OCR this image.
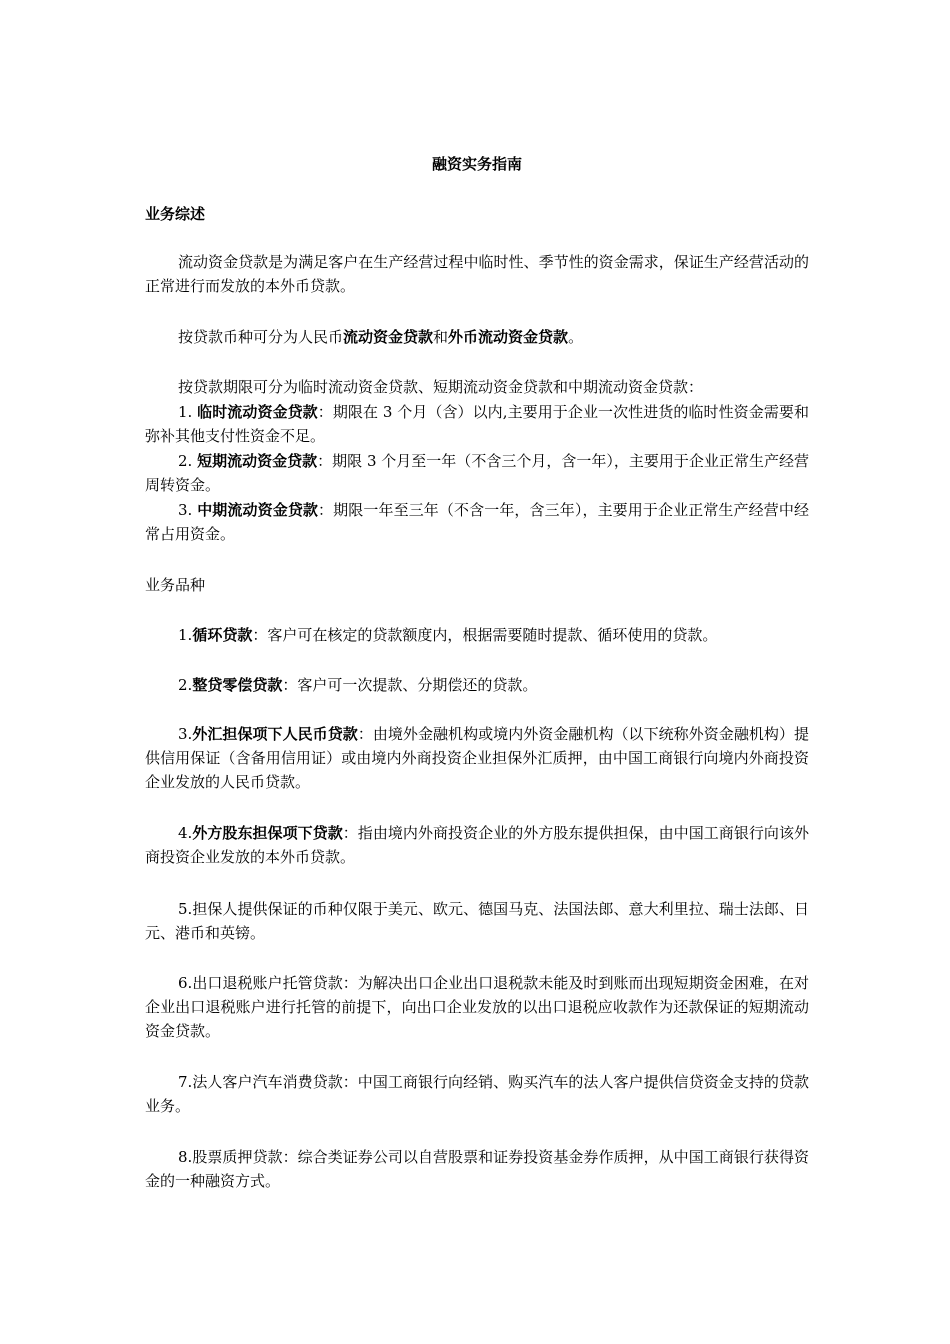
融资实务指南
业务综述
流动资金贷款是为满足客户在生产经营过程中临时性、季节性的资金需求，保证生产经营活动的正常进行而发放的本外币贷款。
按贷款币种可分为人民币流动资金贷款和外币流动资金贷款。
按贷款期限可分为临时流动资金贷款、短期流动资金贷款和中期流动资金贷款：
1. 临时流动资金贷款：期限在 3 个月（含）以内,主要用于企业一次性进货的临时性资金需要和弥补其他支付性资金不足。
2. 短期流动资金贷款：期限 3 个月至一年（不含三个月，含一年），主要用于企业正常生产经营周转资金。
3. 中期流动资金贷款：期限一年至三年（不含一年，含三年），主要用于企业正常生产经营中经常占用资金。
业务品种
1.循环贷款：客户可在核定的贷款额度内，根据需要随时提款、循环使用的贷款。
2.整贷零偿贷款：客户可一次提款、分期偿还的贷款。
3.外汇担保项下人民币贷款：由境外金融机构或境内外资金融机构（以下统称外资金融机构）提供信用保证（含备用信用证）或由境内外商投资企业担保外汇质押，由中国工商银行向境内外商投资企业发放的人民币贷款。
4.外方股东担保项下贷款：指由境内外商投资企业的外方股东提供担保，由中国工商银行向该外商投资企业发放的本外币贷款。
5.担保人提供保证的币种仅限于美元、欧元、德国马克、法国法郎、意大利里拉、瑞士法郎、日元、港币和英镑。
6.出口退税账户托管贷款：为解决出口企业出口退税款未能及时到账而出现短期资金困难，在对企业出口退税账户进行托管的前提下，向出口企业发放的以出口退税应收款作为还款保证的短期流动资金贷款。
7.法人客户汽车消费贷款：中国工商银行向经销、购买汽车的法人客户提供信贷资金支持的贷款业务。
8.股票质押贷款：综合类证券公司以自营股票和证券投资基金券作质押，从中国工商银行获得资金的一种融资方式。
